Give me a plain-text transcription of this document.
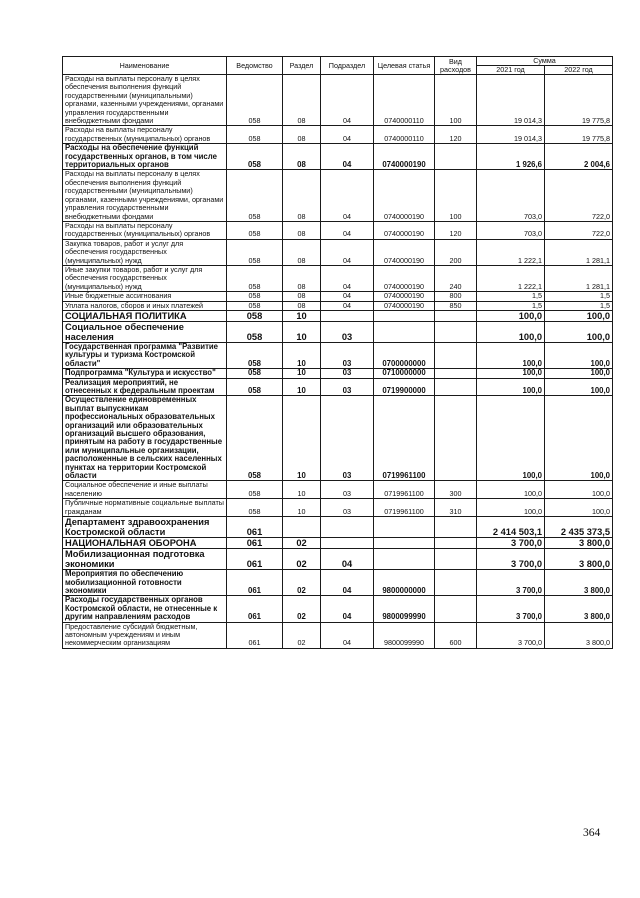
Наименование	Ведомство	Раздел	Подраздел	Целевая статья	Вид расходов	Сумма	
						2021 год	2022 год
Расходы на выплаты персоналу в целях обеспечения выполнения функций государственными (муниципальными) органами, казенными учреждениями, органами управления государственными внебюджетными фондами	058	08	04	0740000110	100	19 014,3	19 775,8
Расходы на выплаты персоналу государственных (муниципальных) органов	058	08	04	0740000110	120	19 014,3	19 775,8
Расходы на обеспечение функций государственных органов, в том числе территориальных органов	058	08	04	0740000190		1 926,6	2 004,6
Расходы на выплаты персоналу в целях обеспечения выполнения функций государственными (муниципальными) органами, казенными учреждениями, органами управления государственными внебюджетными фондами	058	08	04	0740000190	100	703,0	722,0
Расходы на выплаты персоналу государственных (муниципальных) органов	058	08	04	0740000190	120	703,0	722,0
Закупка товаров, работ и услуг для обеспечения государственных (муниципальных) нужд	058	08	04	0740000190	200	1 222,1	1 281,1
Иные закупки товаров, работ и услуг для обеспечения государственных (муниципальных) нужд	058	08	04	0740000190	240	1 222,1	1 281,1
Иные бюджетные ассигнования	058	08	04	0740000190	800	1,5	1,5
Уплата налогов, сборов и иных платежей	058	08	04	0740000190	850	1,5	1,5
СОЦИАЛЬНАЯ ПОЛИТИКА	058	10				100,0	100,0
Социальное обеспечение населения	058	10	03			100,0	100,0
Государственная программа "Развитие культуры и туризма Костромской области"	058	10	03	0700000000		100,0	100,0
Подпрограмма "Культура и искусство"	058	10	03	0710000000		100,0	100,0
Реализация мероприятий, не отнесенных к федеральным проектам	058	10	03	0719900000		100,0	100,0
Осуществление единовременных выплат выпускникам профессиональных образовательных организаций или образовательных организаций высшего образования, принятым на работу в государственные или муниципальные организации, расположенные в сельских населенных пунктах на территории Костромской области	058	10	03	0719961100		100,0	100,0
Социальное обеспечение и иные выплаты населению	058	10	03	0719961100	300	100,0	100,0
Публичные нормативные социальные выплаты гражданам	058	10	03	0719961100	310	100,0	100,0
Департамент здравоохранения Костромской области	061					2 414 503,1	2 435 373,5
НАЦИОНАЛЬНАЯ ОБОРОНА	061	02				3 700,0	3 800,0
Мобилизационная подготовка экономики	061	02	04			3 700,0	3 800,0
Мероприятия по обеспечению мобилизационной готовности экономики	061	02	04	9800000000		3 700,0	3 800,0
Расходы государственных органов Костромской области, не отнесенные к другим направлениям расходов	061	02	04	9800099990		3 700,0	3 800,0
Предоставление субсидий бюджетным, автономным учреждениям и иным некоммерческим организациям	061	02	04	9800099990	600	3 700,0	3 800,0
364
